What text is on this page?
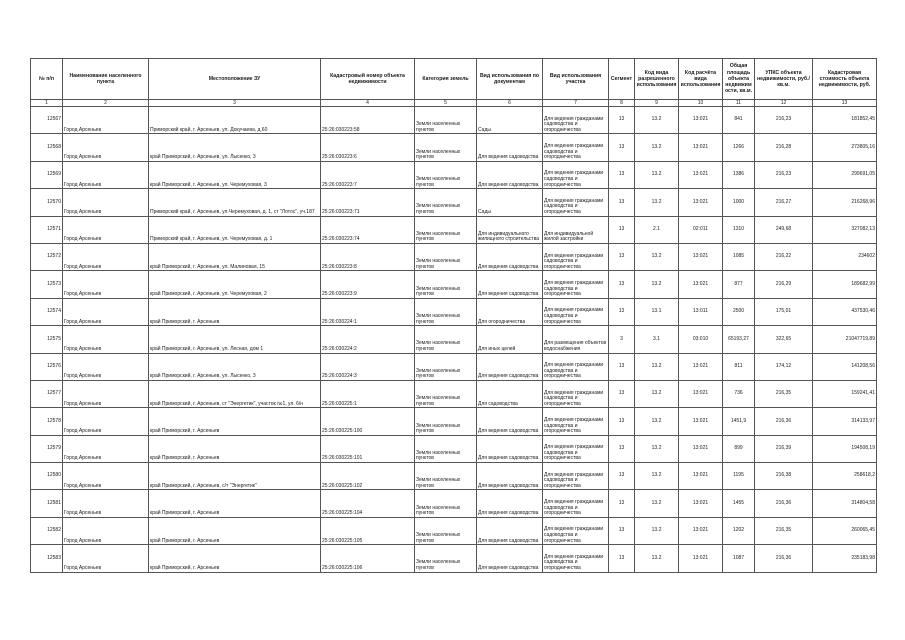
№ п/п	Наименование населенного пункта	Местоположение ЗУ	Кадастровый номер объекта недвижимости	Категория земель	Вид использования по документам	Вид использования участка	Сегмент	Код вида разрешенного использования	Код расчёта вида использования	Общая площадь объекта недвижим ости, кв.м.	УПКС объекта недвижимости, руб./кв.м.	Кадастровая стоимость объекта недвижимости, руб.
1	2	3	4	5	6	7	8	9	10	11	12	13
12567	Город Арсеньев	Приморский край, г. Арсеньев, ул. Докучаева, д.60	25:26:030223:58	Земли населенных пунктов	Сады	Для ведения гражданами садоводства и огородничества	13	13.2	13:021	841	216,23	181852,45
12568	Город Арсеньев	край Приморский, г. Арсеньев, ул. Лысенко, 3	25:26:030223:6	Земли населенных пунктов	Для ведения садоводства	Для ведения гражданами садоводства и огородничества	13	13.2	13:021	1266	216,28	273805,16
12569	Город Арсеньев	край Приморский, г. Арсеньев, ул. Черемуховая, 3	25:26:030223:7	Земли населенных пунктов	Для ведения садоводства	Для ведения гражданами садоводства и огородничества	13	13.2	13:021	1386	216,23	299691,05
12570	Город Арсеньев	Приморский край, г. Арсеньев, ул.Черемуховая, д. 1, ст "Лотос", уч.187	25:26:030223:71	Земли населенных пунктов	Сады	Для ведения гражданами садоводства и огородничества	13	13.2	13:021	1000	216,27	216268,96
12571	Город Арсеньев	Приморский край, г. Арсеньев, ул. Черемуховая, д. 1	25:26:030223:74	Земли населенных пунктов	Для индивидуального жилищного строительства	Для индивидуальной жилой застройки	13	2.1	02:011	1310	249,68	327082,13
12572	Город Арсеньев	край Приморский, г. Арсеньев, ул. Малиновая, 15	25:26:030223:8	Земли населенных пунктов	Для ведения садоводства	Для ведения гражданами садоводства и огородничества	13	13.2	13:021	1085	216,22	234602
12573	Город Арсеньев	край Приморский, г. Арсеньев, ул. Черемуховая, 2	25:26:030223:9	Земли населенных пунктов	Для ведения садоводства	Для ведения гражданами садоводства и огородничества	13	13.2	13:021	877	216,29	189682,99
12574	Город Арсеньев	край Приморский, г. Арсеньев	25:26:030224:1	Земли населенных пунктов	Для огородничества	Для ведения гражданами садоводства и огородничества	13	13.1	13:011	2500	175,01	437530,46
12575	Город Арсеньев	край Приморский, г. Арсеньев, ул. Лесная, дом 1	25:26:030224:2	Земли населенных пунктов	Для иных целей	Для размещения объектов водоснабжения	3	3.1	03:010	65193,27	322,65	21047719,89
12576	Город Арсеньев	край Приморский, г. Арсеньев, ул. Лысенко, 3	25:26:030224:3	Земли населенных пунктов	Для ведения садоводства	Для ведения гражданами садоводства и огородничества	13	13.2	13:021	811	174,12	141208,56
12577	Город Арсеньев	край Приморский, г. Арсеньев, ст "Энергетик", участок №1, ул. 6/н	25:26:030225:1	Земли населенных пунктов	Для садоводства	Для ведения гражданами садоводства и огородничества	13	13.2	13:021	736	216,35	159241,41
12578	Город Арсеньев	край Приморский, г. Арсеньев	25:26:030225:100	Земли населенных пунктов	Для ведения садоводства	Для ведения гражданами садоводства и огородничества	13	13.2	13:021	1451,9	216,36	314133,97
12579	Город Арсеньев	край Приморский, г. Арсеньев	25:26:030225:101	Земли населенных пунктов	Для ведения садоводства	Для ведения гражданами садоводства и огородничества	13	13.2	13:021	899	216,39	194508,19
12580	Город Арсеньев	край Приморский, г. Арсеньев, с/т "Энергетик"	25:26:030225:102	Земли населенных пунктов	Для ведения садоводства	Для ведения гражданами садоводства и огородничества	13	13.2	13:021	1195	216,38	258618,2
12581	Город Арсеньев	край Приморский, г. Арсеньев	25:26:030225:104	Земли населенных пунктов	Для ведения садоводства	Для ведения гражданами садоводства и огородничества	13	13.2	13:021	1455	216,36	314804,58
12582	Город Арсеньев	край Приморский, г. Арсеньев	25:26:030225:105	Земли населенных пунктов	Для ведения садоводства	Для ведения гражданами садоводства и огородничества	13	13.2	13:021	1202	216,35	260065,45
12583	Город Арсеньев	край Приморский, г. Арсеньев	25:26:030225:106	Земли населенных пунктов	Для ведения садоводства	Для ведения гражданами садоводства и огородничества	13	13.2	13:021	1087	216,36	235183,98
